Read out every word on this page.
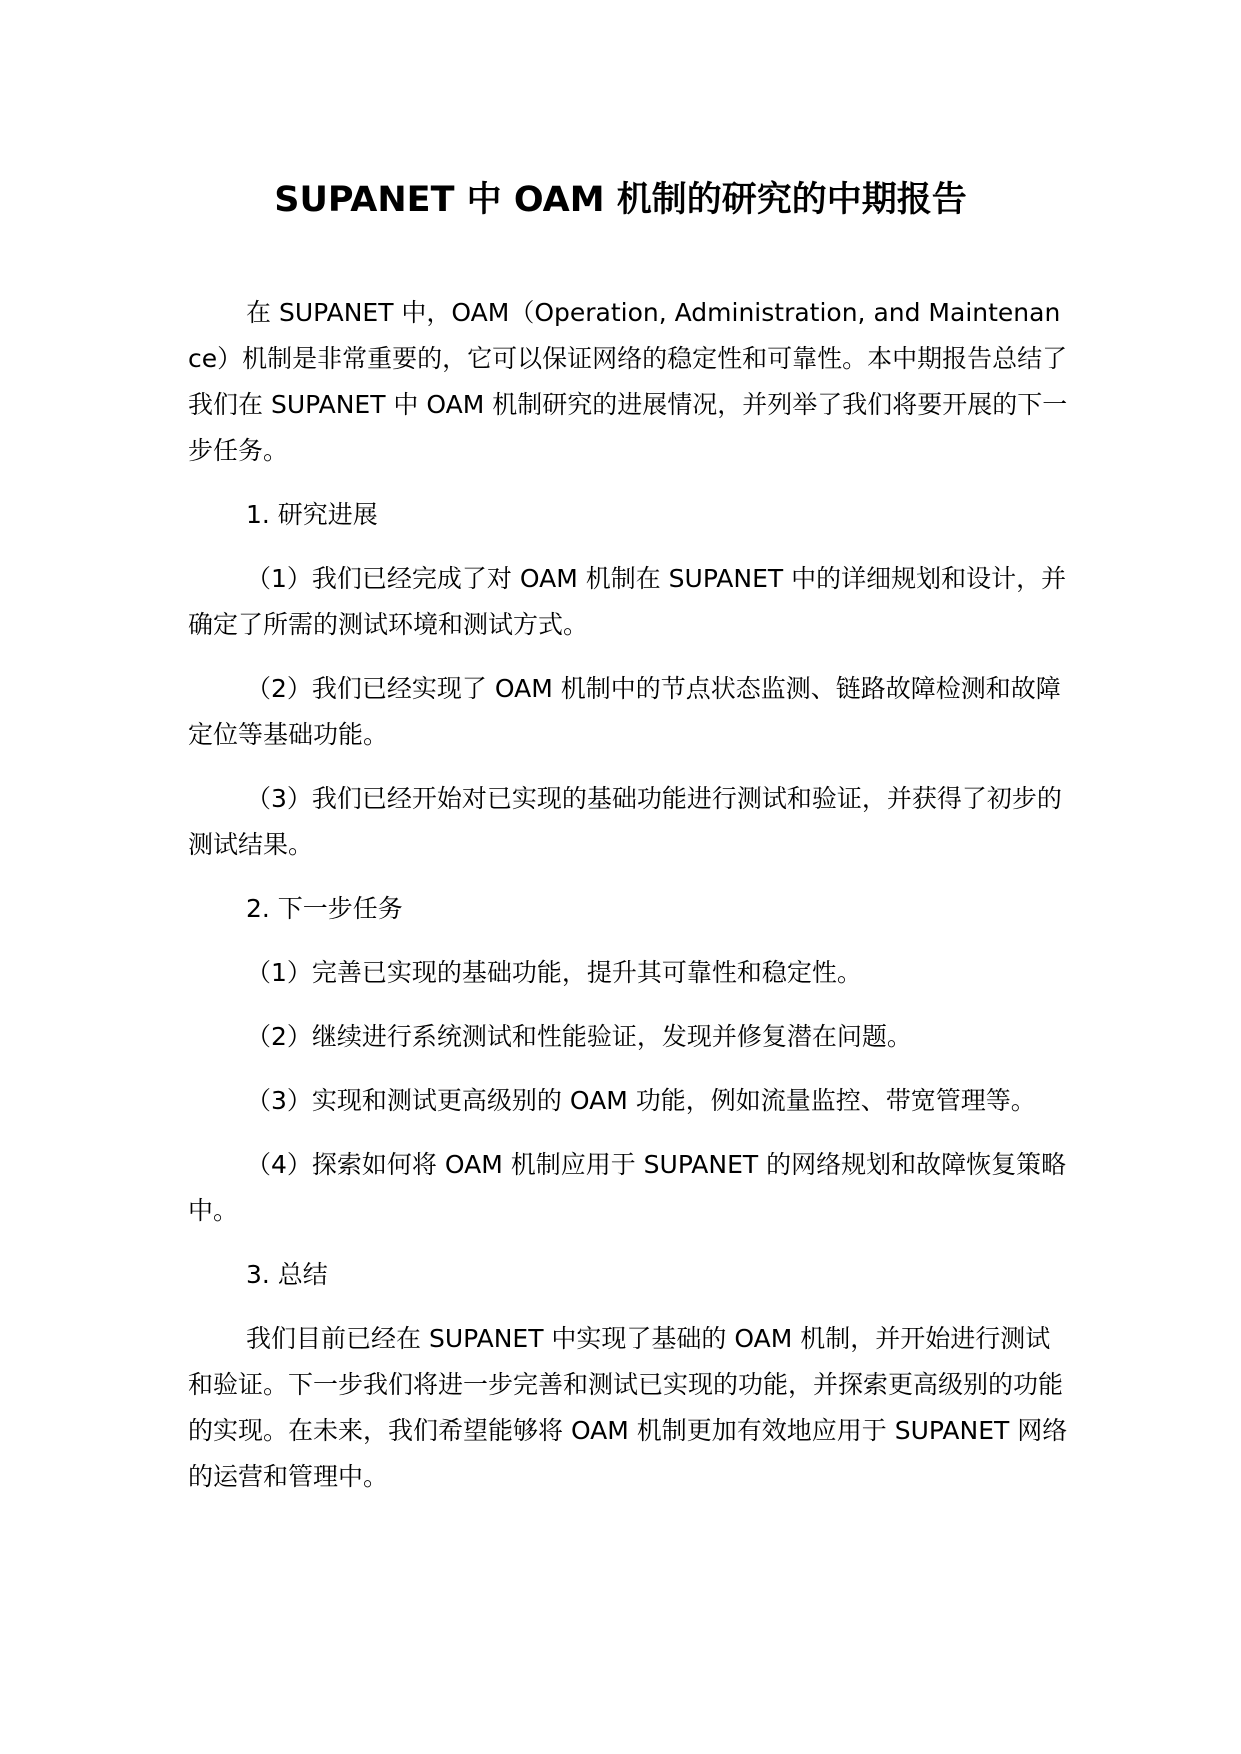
SUPANET 中 OAM 机制的研究的中期报告

在 SUPANET 中，OAM（Operation, Administration, and Maintenance）机制是非常重要的，它可以保证网络的稳定性和可靠性。本中期报告总结了我们在 SUPANET 中 OAM 机制研究的进展情况，并列举了我们将要开展的下一步任务。

1. 研究进展

（1）我们已经完成了对 OAM 机制在 SUPANET 中的详细规划和设计，并确定了所需的测试环境和测试方式。

（2）我们已经实现了 OAM 机制中的节点状态监测、链路故障检测和故障定位等基础功能。

（3）我们已经开始对已实现的基础功能进行测试和验证，并获得了初步的测试结果。

2. 下一步任务

（1）完善已实现的基础功能，提升其可靠性和稳定性。

（2）继续进行系统测试和性能验证，发现并修复潜在问题。

（3）实现和测试更高级别的 OAM 功能，例如流量监控、带宽管理等。

（4）探索如何将 OAM 机制应用于 SUPANET 的网络规划和故障恢复策略中。

3. 总结

我们目前已经在 SUPANET 中实现了基础的 OAM 机制，并开始进行测试和验证。下一步我们将进一步完善和测试已实现的功能，并探索更高级别的功能的实现。在未来，我们希望能够将 OAM 机制更加有效地应用于 SUPANET 网络的运营和管理中。
